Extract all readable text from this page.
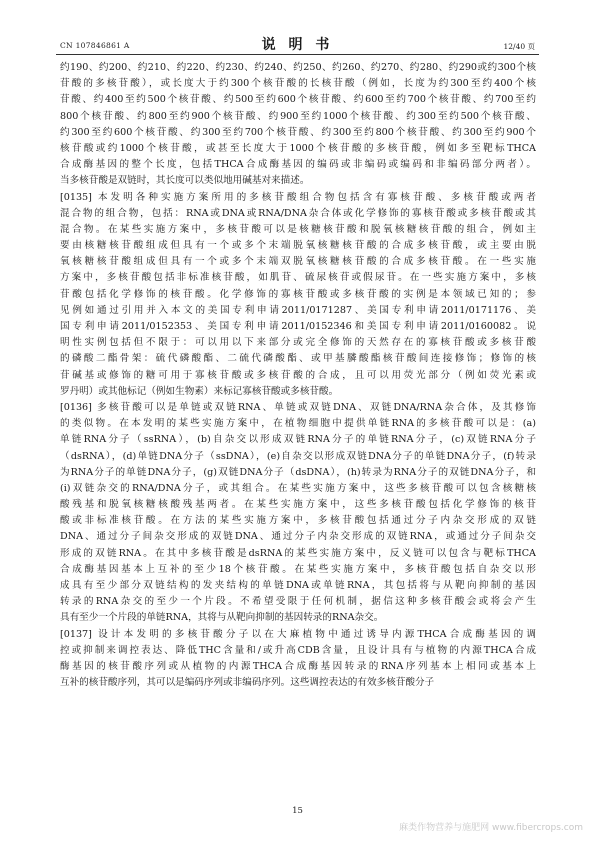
CN 107846861 A	说 明 书	12/40 页
约190、约200、约210、约220、约230、约240、约250、约260、约270、约280、约290或约300个核
苷酸的多核苷酸），或长度大于约300个核苷酸的长核苷酸（例如，长度为约300至约400个核
苷酸、约400至约500个核苷酸、约500至约600个核苷酸、约600至约700个核苷酸、约700至约
800个核苷酸、约800至约900个核苷酸、约900至约1000个核苷酸、约300至约500个核苷酸、
约300至约600个核苷酸、约300至约700个核苷酸、约300至约800个核苷酸、约300至约900个
核苷酸或约1000个核苷酸，或甚至长度大于1000个核苷酸的多核苷酸，例如多至靶标THCA
合成酶基因的整个长度，包括THCA合成酶基因的编码或非编码或编码和非编码部分两者）。
当多核苷酸是双链时，其长度可以类似地用碱基对来描述。
[0135] 本发明各种实施方案所用的多核苷酸组合物包括含有寡核苷酸、多核苷酸或两者
混合物的组合物，包括：RNA或DNA或RNA/DNA杂合体或化学修饰的寡核苷酸或多核苷酸或其
混合物。在某些实施方案中，多核苷酸可以是核糖核苷酸和脱氧核糖核苷酸的组合，例如主
要由核糖核苷酸组成但具有一个或多个末端脱氧核糖核苷酸的合成多核苷酸，或主要由脱
氧核糖核苷酸组成但具有一个或多个末端双脱氧核糖核苷酸的合成多核苷酸。在一些实施
方案中，多核苷酸包括非标准核苷酸，如肌苷、硫尿核苷或假尿苷。在一些实施方案中，多核
苷酸包括化学修饰的核苷酸。化学修饰的寡核苷酸或多核苷酸的实例是本领域已知的；参
见例如通过引用并入本文的美国专利申请2011/0171287、美国专利申请2011/0171176、美
国专利申请2011/0152353、美国专利申请2011/0152346和美国专利申请2011/0160082。说
明性实例包括但不限于：可以用以下来部分或完全修饰的天然存在的寡核苷酸或多核苷酸
的磷酸二酯骨架：硫代磷酸酯、二硫代磷酸酯、或甲基膦酸酯核苷酸间连接修饰；修饰的核
苷碱基或修饰的糖可用于寡核苷酸或多核苷酸的合成，且可以用荧光部分（例如荧光素或
罗丹明）或其他标记（例如生物素）来标记寡核苷酸或多核苷酸。
[0136] 多核苷酸可以是单链或双链RNA、单链或双链DNA、双链DNA/RNA杂合体，及其修饰
的类似物。在本发明的某些实施方案中，在植物细胞中提供单链RNA的多核苷酸可以是：(a)
单链RNA分子（ssRNA），(b)自杂交以形成双链RNA分子的单链RNA分子，(c)双链RNA分子
（dsRNA），(d)单链DNA分子（ssDNA），(e)自杂交以形成双链DNA分子的单链DNA分子，(f)转录
为RNA分子的单链DNA分子，(g)双链DNA分子（dsDNA），(h)转录为RNA分子的双链DNA分子，和
(i)双链杂交的RNA/DNA分子，或其组合。在某些实施方案中，这些多核苷酸可以包含核糖核
酸残基和脱氧核糖核酸残基两者。在某些实施方案中，这些多核苷酸包括化学修饰的核苷
酸或非标准核苷酸。在方法的某些实施方案中，多核苷酸包括通过分子内杂交形成的双链
DNA、通过分子间杂交形成的双链DNA、通过分子内杂交形成的双链RNA，或通过分子间杂交
形成的双链RNA。在其中多核苷酸是dsRNA的某些实施方案中，反义链可以包含与靶标THCA
合成酶基因基本上互补的至少18个核苷酸。在某些实施方案中，多核苷酸包括自杂交以形
成具有至少部分双链结构的发夹结构的单链DNA或单链RNA，其包括将与从靶向抑制的基因
转录的RNA杂交的至少一个片段。不希望受限于任何机制，据信这种多核苷酸会或将会产生
具有至少一个片段的单链RNA，其将与从靶向抑制的基因转录的RNA杂交。
[0137] 设计本发明的多核苷酸分子以在大麻植物中通过诱导内源THCA合成酶基因的调
控或抑制来调控表达、降低THC含量和/或升高CDB含量，且设计具有与植物的内源THCA合成
酶基因的核苷酸序列或从植物的内源THCA合成酶基因转录的RNA序列基本上相同或基本上
互补的核苷酸序列，其可以是编码序列或非编码序列。这些调控表达的有效多核苷酸分子
15
麻类作物营养与施肥网 www.fibercrops.com
